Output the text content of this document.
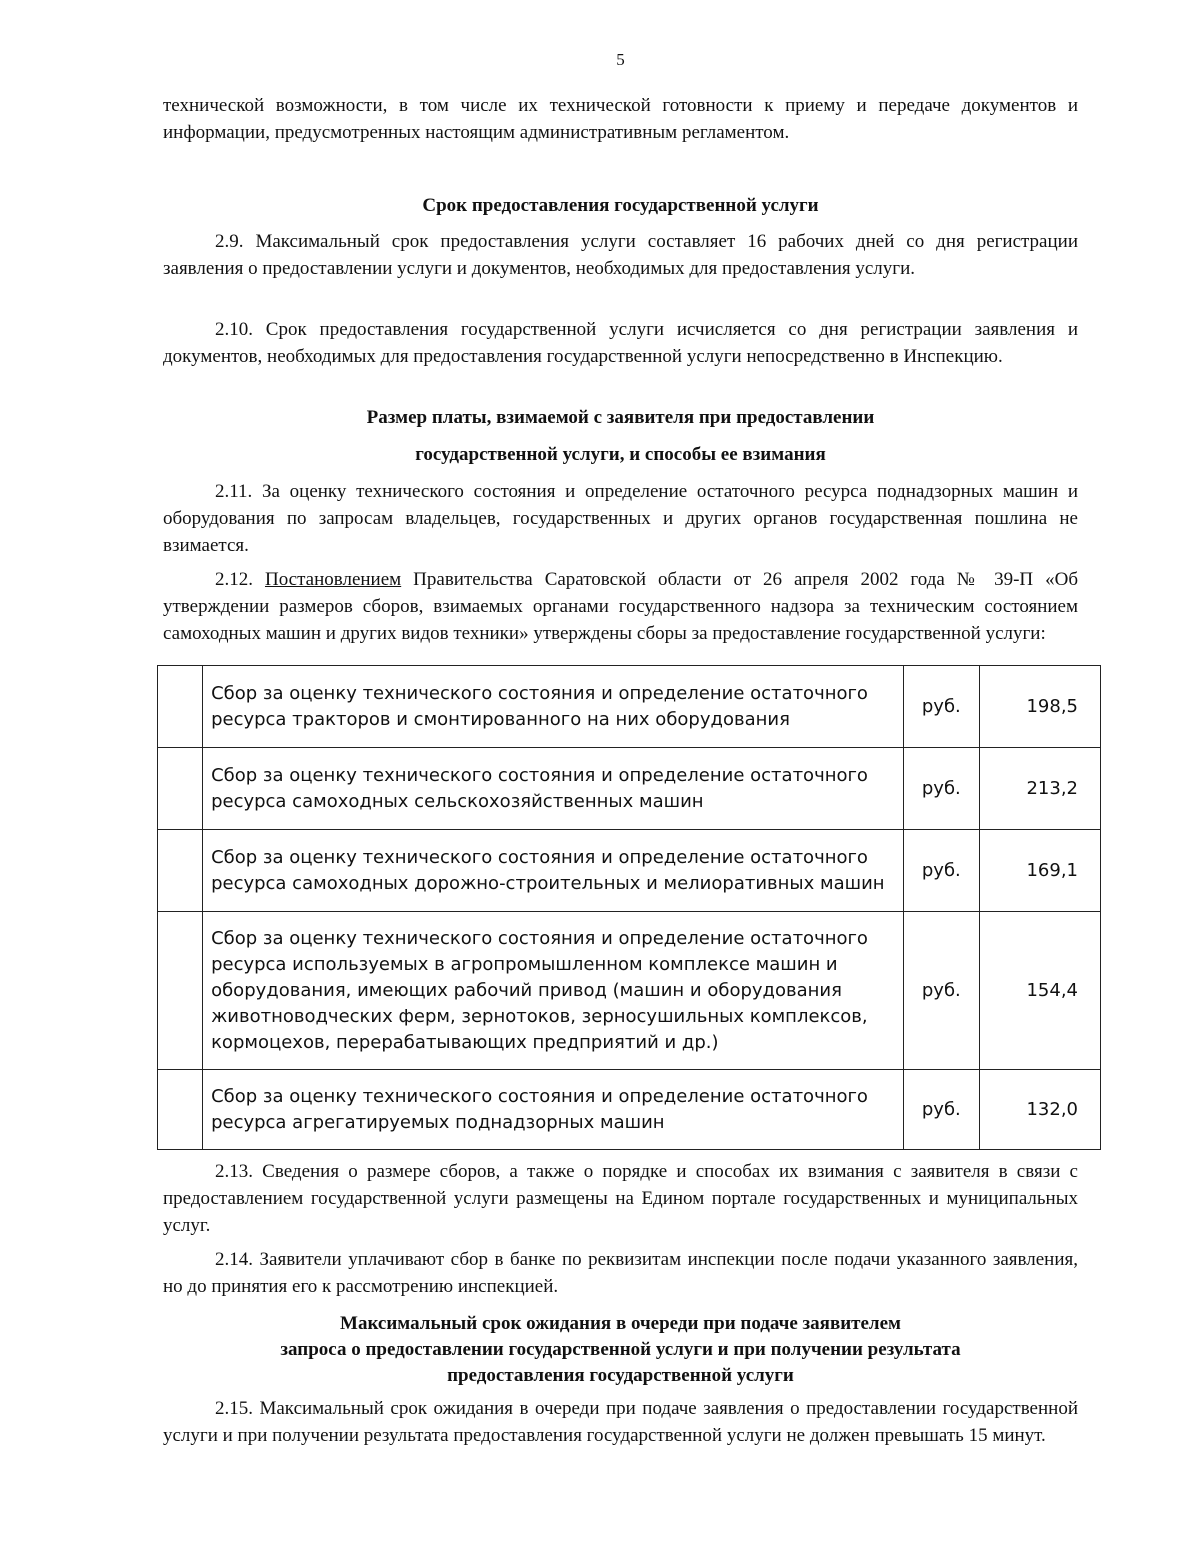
5

технической возможности, в том числе их технической готовности к приему и передаче документов и информации, предусмотренных настоящим административным регламентом.

Срок предоставления государственной услуги

2.9. Максимальный срок предоставления услуги составляет 16 рабочих дней со дня регистрации заявления о предоставлении услуги и документов, необходимых для предоставления услуги.

2.10. Срок предоставления государственной услуги исчисляется со дня регистрации заявления и документов, необходимых для предоставления государственной услуги непосредственно в Инспекцию.

Размер платы, взимаемой с заявителя при предоставлении
государственной услуги, и способы ее взимания

2.11. За оценку технического состояния и определение остаточного ресурса поднадзорных машин и оборудования по запросам владельцев, государственных и других органов государственная пошлина не взимается.

2.12. Постановлением Правительства Саратовской области от 26 апреля 2002 года № 39-П «Об утверждении размеров сборов, взимаемых органами государственного надзора за техническим состоянием самоходных машин и других видов техники» утверждены сборы за предоставление государственной услуги:

	Сбор за оценку технического состояния и определение остаточного ресурса тракторов и смонтированного на них оборудования	руб.	198,5
	Сбор за оценку технического состояния и определение остаточного ресурса самоходных сельскохозяйственных машин	руб.	213,2
	Сбор за оценку технического состояния и определение остаточного ресурса самоходных дорожно-строительных и мелиоративных машин	руб.	169,1
	Сбор за оценку технического состояния и определение остаточного ресурса используемых в агропромышленном комплексе машин и оборудования, имеющих рабочий привод (машин и оборудования животноводческих ферм, зернотоков, зерносушильных комплексов, кормоцехов, перерабатывающих предприятий и др.)	руб.	154,4
	Сбор за оценку технического состояния и определение остаточного ресурса агрегатируемых поднадзорных машин	руб.	132,0

2.13. Сведения о размере сборов, а также о порядке и способах их взимания с заявителя в связи с предоставлением государственной услуги размещены на Едином портале государственных и муниципальных услуг.

2.14. Заявители уплачивают сбор в банке по реквизитам инспекции после подачи указанного заявления, но до принятия его к рассмотрению инспекцией.

Максимальный срок ожидания в очереди при подаче заявителем
запроса о предоставлении государственной услуги и при получении результата
предоставления государственной услуги

2.15. Максимальный срок ожидания в очереди при подаче заявления о предоставлении государственной услуги и при получении результата предоставления государственной услуги не должен превышать 15 минут.
